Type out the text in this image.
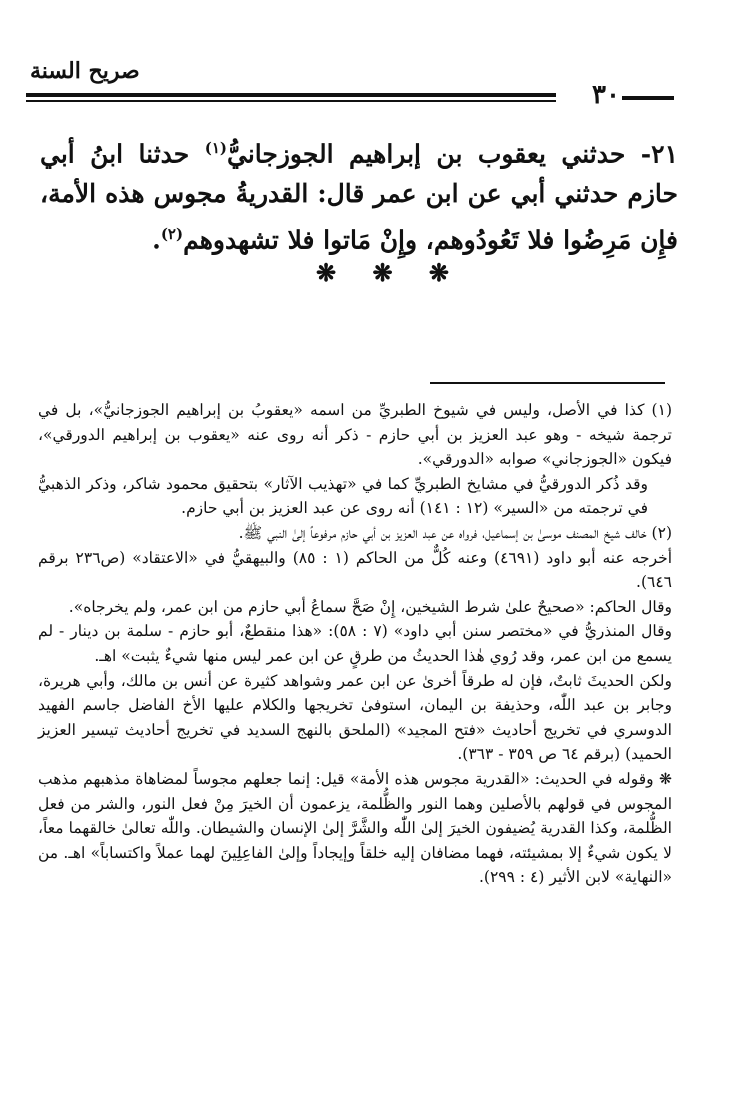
صريح السنة
٣٠
٢١- حدثني يعقوب بن إبراهيم الجوزجانيُّ$^{(١)}$ حدثنا ابنُ أبي حازم حدثني أبي عن ابن عمر قال: القدريةُ مجوس هذه الأمة، فإِن مَرِضُوا فلا تَعُودُوهم، وإِنْ مَاتوا فلا تشهدوهم$^{(٢)}$.
❋ ❋ ❋

(١) كذا في الأصل، وليس في شيوخ الطبريِّ من اسمه «يعقوبُ بن إبراهيم الجوزجانيُّ»، بل في ترجمة شيخه - وهو عبد العزيز بن أبي حازم - ذكر أنه روى عنه «يعقوب بن إبراهيم الدورقي»، فيكون «الجوزجاني» صوابه «الدورقي».

وقد ذُكر الدورقيُّ في مشايخ الطبريِّ كما في «تهذيب الآثار» بتحقيق محمود شاكر، وذكر الذهبيُّ في ترجمته من «السير» (١٢ : ١٤١) أنه روى عن عبد العزيز بن أبي حازم.

(٢) خالف شيخ المصنف موسىٰ بن إسماعيل، فرواه عن عبد العزيز بن أبي حازم مرفوعاً إلىٰ النبي ﷺ.

أخرجه عنه أبو داود (٤٦٩١) وعنه كُلٌّ من الحاكم (١ : ٨٥) والبيهقيُّ في «الاعتقاد» (ص٢٣٦ برقم ٦٤٦).

وقال الحاكم: «صحيحٌ علىٰ شرط الشيخين، إِنْ صَحَّ سماعُ أبي حازم من ابن عمر، ولم يخرجاه».

وقال المنذريُّ في «مختصر سنن أبي داود» (٧ : ٥٨): «هذا منقطعٌ، أبو حازم - سلمة بن دينار - لم يسمع من ابن عمر، وقد رُوي هٰذا الحديثُ من طرقٍ عن ابن عمر ليس منها شيءٌ يثبت» اهـ.

ولكن الحديثَ ثابتٌ، فإن له طرقاً أخرىٰ عن ابن عمر وشواهد كثيرة عن أنس بن مالك، وأبي هريرة، وجابر بن عبد اللّٰه، وحذيفة بن اليمان، استوفىٰ تخريجها والكلام عليها الأخ الفاضل جاسم الفهيد الدوسري في تخريج أحاديث «فتح المجيد» (الملحق بالنهج السديد في تخريج أحاديث تيسير العزيز الحميد) (برقم ٦٤ ص ٣٥٩ - ٣٦٣).

❋ وقوله في الحديث: «القدرية مجوس هذه الأمة» قيل: إنما جعلهم مجوساً لمضاهاة مذهبهم مذهب المجوس في قولهم بالأصلين وهما النور والظُّلمة، يزعمون أن الخيرَ مِنْ فعل النور، والشر من فعل الظُّلمة، وكذا القدرية يُضيفون الخيرَ إلىٰ اللّٰه والشَّرَّ إلىٰ الإنسان والشيطان. واللّٰه تعالىٰ خالقهما معاً، لا يكون شيءٌ إلا بمشيئته، فهما مضافان إليه خلقاً وإيجاداً وإلىٰ الفاعِلِينَ لهما عملاً واكتساباً» اهـ. من «النهاية» لابن الأثير (٤ : ٢٩٩).
